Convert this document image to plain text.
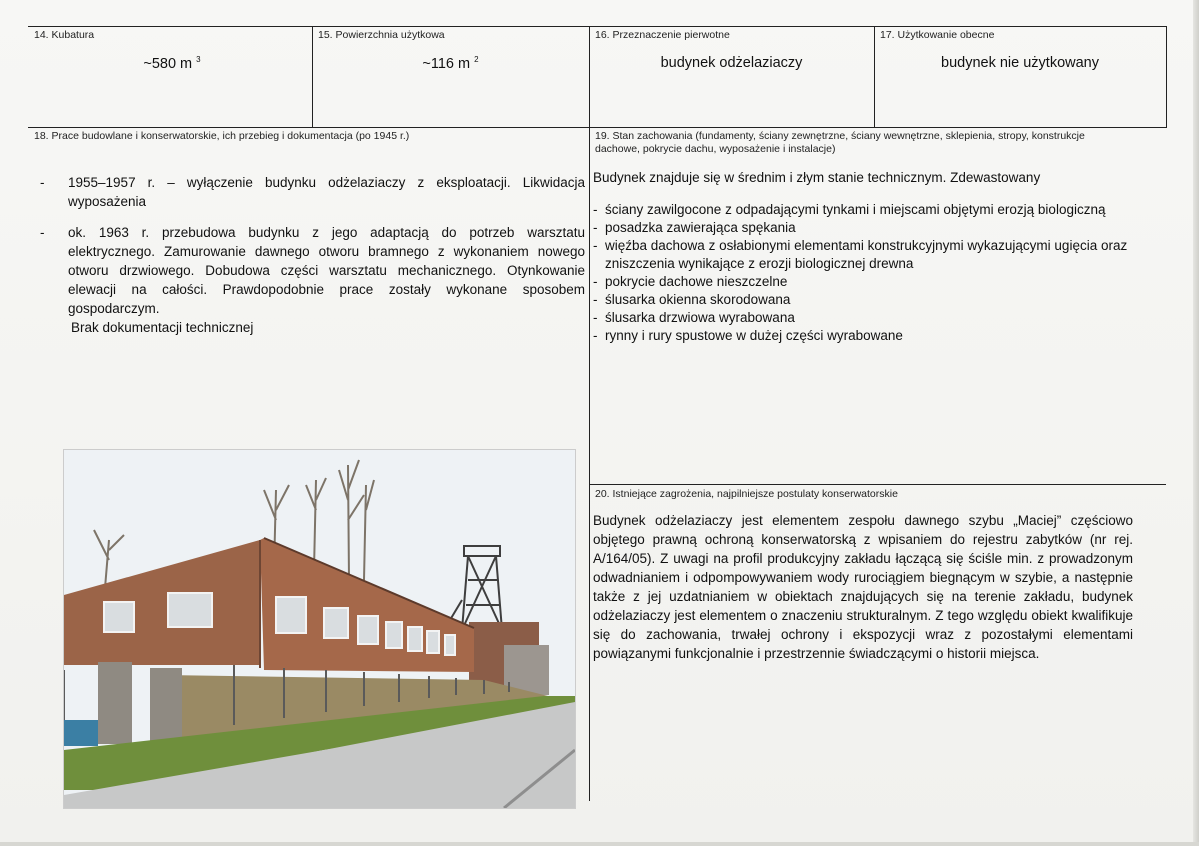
14. Kubatura
~580 m $^3$
15. Powierzchnia użytkowa
~116 m $^2$
16. Przeznaczenie pierwotne
budynek odżelaziaczy
17. Użytkowanie obecne
budynek nie użytkowany
18. Prace budowlane i konserwatorskie, ich przebieg i dokumentacja (po 1945 r.)
- 1955–1957 r. – wyłączenie budynku odżelaziaczy z eksploatacji. Likwidacja wyposażenia
- ok. 1963 r. przebudowa budynku z jego adaptacją do potrzeb warsztatu elektrycznego. Zamurowanie dawnego otworu bramnego z wykonaniem nowego otworu drzwiowego. Dobudowa części warsztatu mechanicznego. Otynkowanie elewacji na całości. Prawdopodobnie prace zostały wykonane sposobem gospodarczym.
Brak dokumentacji technicznej
19. Stan zachowania (fundamenty, ściany zewnętrzne, ściany wewnętrzne, sklepienia, stropy, konstrukcje dachowe, pokrycie dachu, wyposażenie i instalacje)
Budynek znajduje się w średnim i złym stanie technicznym. Zdewastowany
- ściany zawilgocone z odpadającymi tynkami i miejscami objętymi erozją biologiczną
- posadzka zawierająca spękania
- więźba dachowa z osłabionymi elementami konstrukcyjnymi wykazującymi ugięcia oraz zniszczenia wynikające z erozji biologicznej drewna
- pokrycie dachowe nieszczelne
- ślusarka okienna skorodowana
- ślusarka drzwiowa wyrabowana
- rynny i rury spustowe w dużej części wyrabowane
20. Istniejące zagrożenia, najpilniejsze postulaty konserwatorskie
Budynek odżelaziaczy jest elementem zespołu dawnego szybu „Maciej” częściowo objętego prawną ochroną konserwatorską z wpisaniem do rejestru zabytków (nr rej. A/164/05). Z uwagi na profil produkcyjny zakładu łączącą się ściśle min. z prowadzonym odwadnianiem i odpompowywaniem wody rurociągiem biegnącym w szybie, a następnie także z jej uzdatnianiem w obiektach znajdujących się na terenie zakładu, budynek odżelaziaczy jest elementem o znaczeniu strukturalnym. Z tego względu obiekt kwalifikuje się do zachowania, trwałej ochrony i ekspozycji wraz z pozostałymi elementami powiązanymi funkcjonalnie i przestrzennie świadczącymi o historii miejsca.
